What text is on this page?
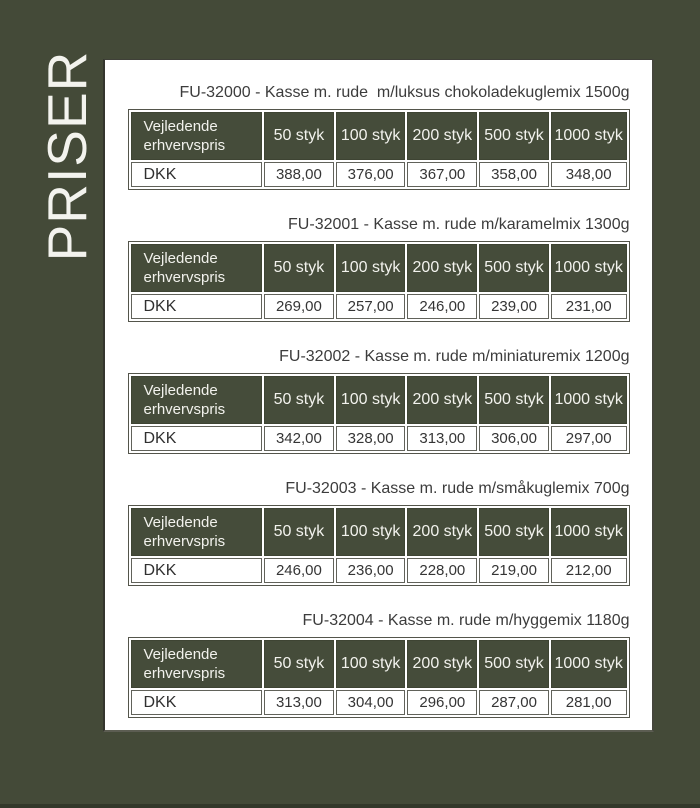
PRISER	FU-32000 - Kasse m. rude  m/luksus chokoladekuglemix 1500g
Vejledende erhvervspris	50 styk	100 styk	200 styk	500 styk	1000 styk
DKK	388,00	376,00	367,00	358,00	348,00
FU-32001 - Kasse m. rude m/karamelmix 1300g
Vejledende erhvervspris	50 styk	100 styk	200 styk	500 styk	1000 styk
DKK	269,00	257,00	246,00	239,00	231,00
FU-32002 - Kasse m. rude m/miniaturemix 1200g
Vejledende erhvervspris	50 styk	100 styk	200 styk	500 styk	1000 styk
DKK	342,00	328,00	313,00	306,00	297,00
FU-32003 - Kasse m. rude m/småkuglemix 700g
Vejledende erhvervspris	50 styk	100 styk	200 styk	500 styk	1000 styk
DKK	246,00	236,00	228,00	219,00	212,00
FU-32004 - Kasse m. rude m/hyggemix 1180g
Vejledende erhvervspris	50 styk	100 styk	200 styk	500 styk	1000 styk
DKK	313,00	304,00	296,00	287,00	281,00
